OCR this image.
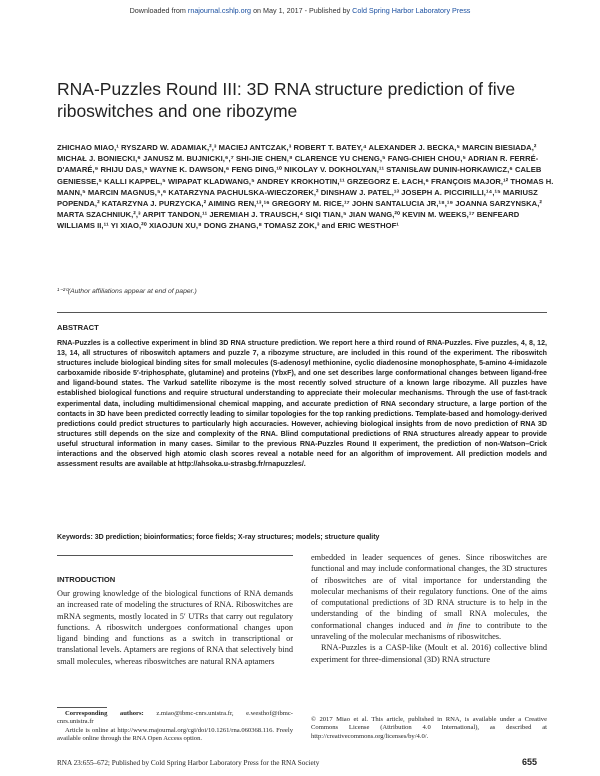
Downloaded from rnajournal.cshlp.org on May 1, 2017 - Published by Cold Spring Harbor Laboratory Press
RNA-Puzzles Round III: 3D RNA structure prediction of five riboswitches and one ribozyme
ZHICHAO MIAO,¹ RYSZARD W. ADAMIAK,²,³ MACIEJ ANTCZAK,³ ROBERT T. BATEY,⁴ ALEXANDER J. BECKA,⁵ MARCIN BIESIADA,² MICHAŁ J. BONIECKI,⁶ JANUSZ M. BUJNICKI,⁶,⁷ SHI-JIE CHEN,⁸ CLARENCE YU CHENG,⁵ FANG-CHIEH CHOU,⁵ ADRIAN R. FERRÉ-D'AMARÉ,⁹ RHIJU DAS,⁵ WAYNE K. DAWSON,⁶ FENG DING,¹⁰ NIKOLAY V. DOKHOLYAN,¹¹ STANISŁAW DUNIN-HORKAWICZ,⁶ CALEB GENIESSE,⁵ KALLI KAPPEL,⁵ WIPAPAT KLADWANG,⁵ ANDREY KROKHOTIN,¹¹ GRZEGORZ E. ŁACH,⁶ FRANÇOIS MAJOR,¹² THOMAS H. MANN,⁵ MARCIN MAGNUS,⁵,⁶ KATARZYNA PACHULSKA-WIECZOREK,² DINSHAW J. PATEL,¹³ JOSEPH A. PICCIRILLI,¹⁴,¹⁵ MARIUSZ POPENDA,² KATARZYNA J. PURZYCKA,² AIMING REN,¹³,¹⁶ GREGORY M. RICE,¹⁷ JOHN SANTALUCIA JR,¹⁸,¹⁹ JOANNA SARZYNSKA,² MARTA SZACHNIUK,²,³ ARPIT TANDON,¹¹ JEREMIAH J. TRAUSCH,⁴ SIQI TIAN,⁵ JIAN WANG,²⁰ KEVIN M. WEEKS,¹⁷ BENFEARD WILLIAMS II,¹¹ YI XIAO,²⁰ XIAOJUN XU,⁸ DONG ZHANG,⁸ TOMASZ ZOK,³ and ERIC WESTHOF¹
¹⁻²⁰(Author affiliations appear at end of paper.)
ABSTRACT
RNA-Puzzles is a collective experiment in blind 3D RNA structure prediction. We report here a third round of RNA-Puzzles. Five puzzles, 4, 8, 12, 13, 14, all structures of riboswitch aptamers and puzzle 7, a ribozyme structure, are included in this round of the experiment. The riboswitch structures include biological binding sites for small molecules (S-adenosyl methionine, cyclic diadenosine monophosphate, 5-amino 4-imidazole carboxamide riboside 5′-triphosphate, glutamine) and proteins (YbxF), and one set describes large conformational changes between ligand-free and ligand-bound states. The Varkud satellite ribozyme is the most recently solved structure of a known large ribozyme. All puzzles have established biological functions and require structural understanding to appreciate their molecular mechanisms. Through the use of fast-track experimental data, including multidimensional chemical mapping, and accurate prediction of RNA secondary structure, a large portion of the contacts in 3D have been predicted correctly leading to similar topologies for the top ranking predictions. Template-based and homology-derived predictions could predict structures to particularly high accuracies. However, achieving biological insights from de novo prediction of RNA 3D structures still depends on the size and complexity of the RNA. Blind computational predictions of RNA structures already appear to provide useful structural information in many cases. Similar to the previous RNA-Puzzles Round II experiment, the prediction of non-Watson–Crick interactions and the observed high atomic clash scores reveal a notable need for an algorithm of improvement. All prediction models and assessment results are available at http://ahsoka.u-strasbg.fr/rnapuzzles/.
Keywords: 3D prediction; bioinformatics; force fields; X-ray structures; models; structure quality
INTRODUCTION

Our growing knowledge of the biological functions of RNA demands an increased rate of modeling the structures of RNA. Riboswitches are mRNA segments, mostly located in 5′ UTRs that carry out regulatory functions. A riboswitch undergoes conformational changes upon ligand binding and functions as a switch in transcriptional or translational levels. Aptamers are regions of RNA that selectively bind small molecules, whereas riboswitches are natural RNA aptamers

embedded in leader sequences of genes. Since riboswitches are functional and may include conformational changes, the 3D structures of riboswitches are of vital importance for understanding the molecular mechanisms of their regulatory functions. One of the aims of computational predictions of 3D RNA structure is to help in the understanding of the binding of small RNA molecules, the conformational changes induced and in fine to contribute to the unraveling of the molecular mechanisms of riboswitches.

RNA-Puzzles is a CASP-like (Moult et al. 2016) collective blind experiment for three-dimensional (3D) RNA structure

Corresponding authors: z.miao@ibmc-cnrs.unistra.fr, e.westhof@ibmc-cnrs.unistra.fr
Article is online at http://www.rnajournal.org/cgi/doi/10.1261/rna.060368.116. Freely available online through the RNA Open Access option.
© 2017 Miao et al. This article, published in RNA, is available under a Creative Commons License (Attribution 4.0 International), as described at http://creativecommons.org/licenses/by/4.0/.
RNA 23:655–672; Published by Cold Spring Harbor Laboratory Press for the RNA Society	655
